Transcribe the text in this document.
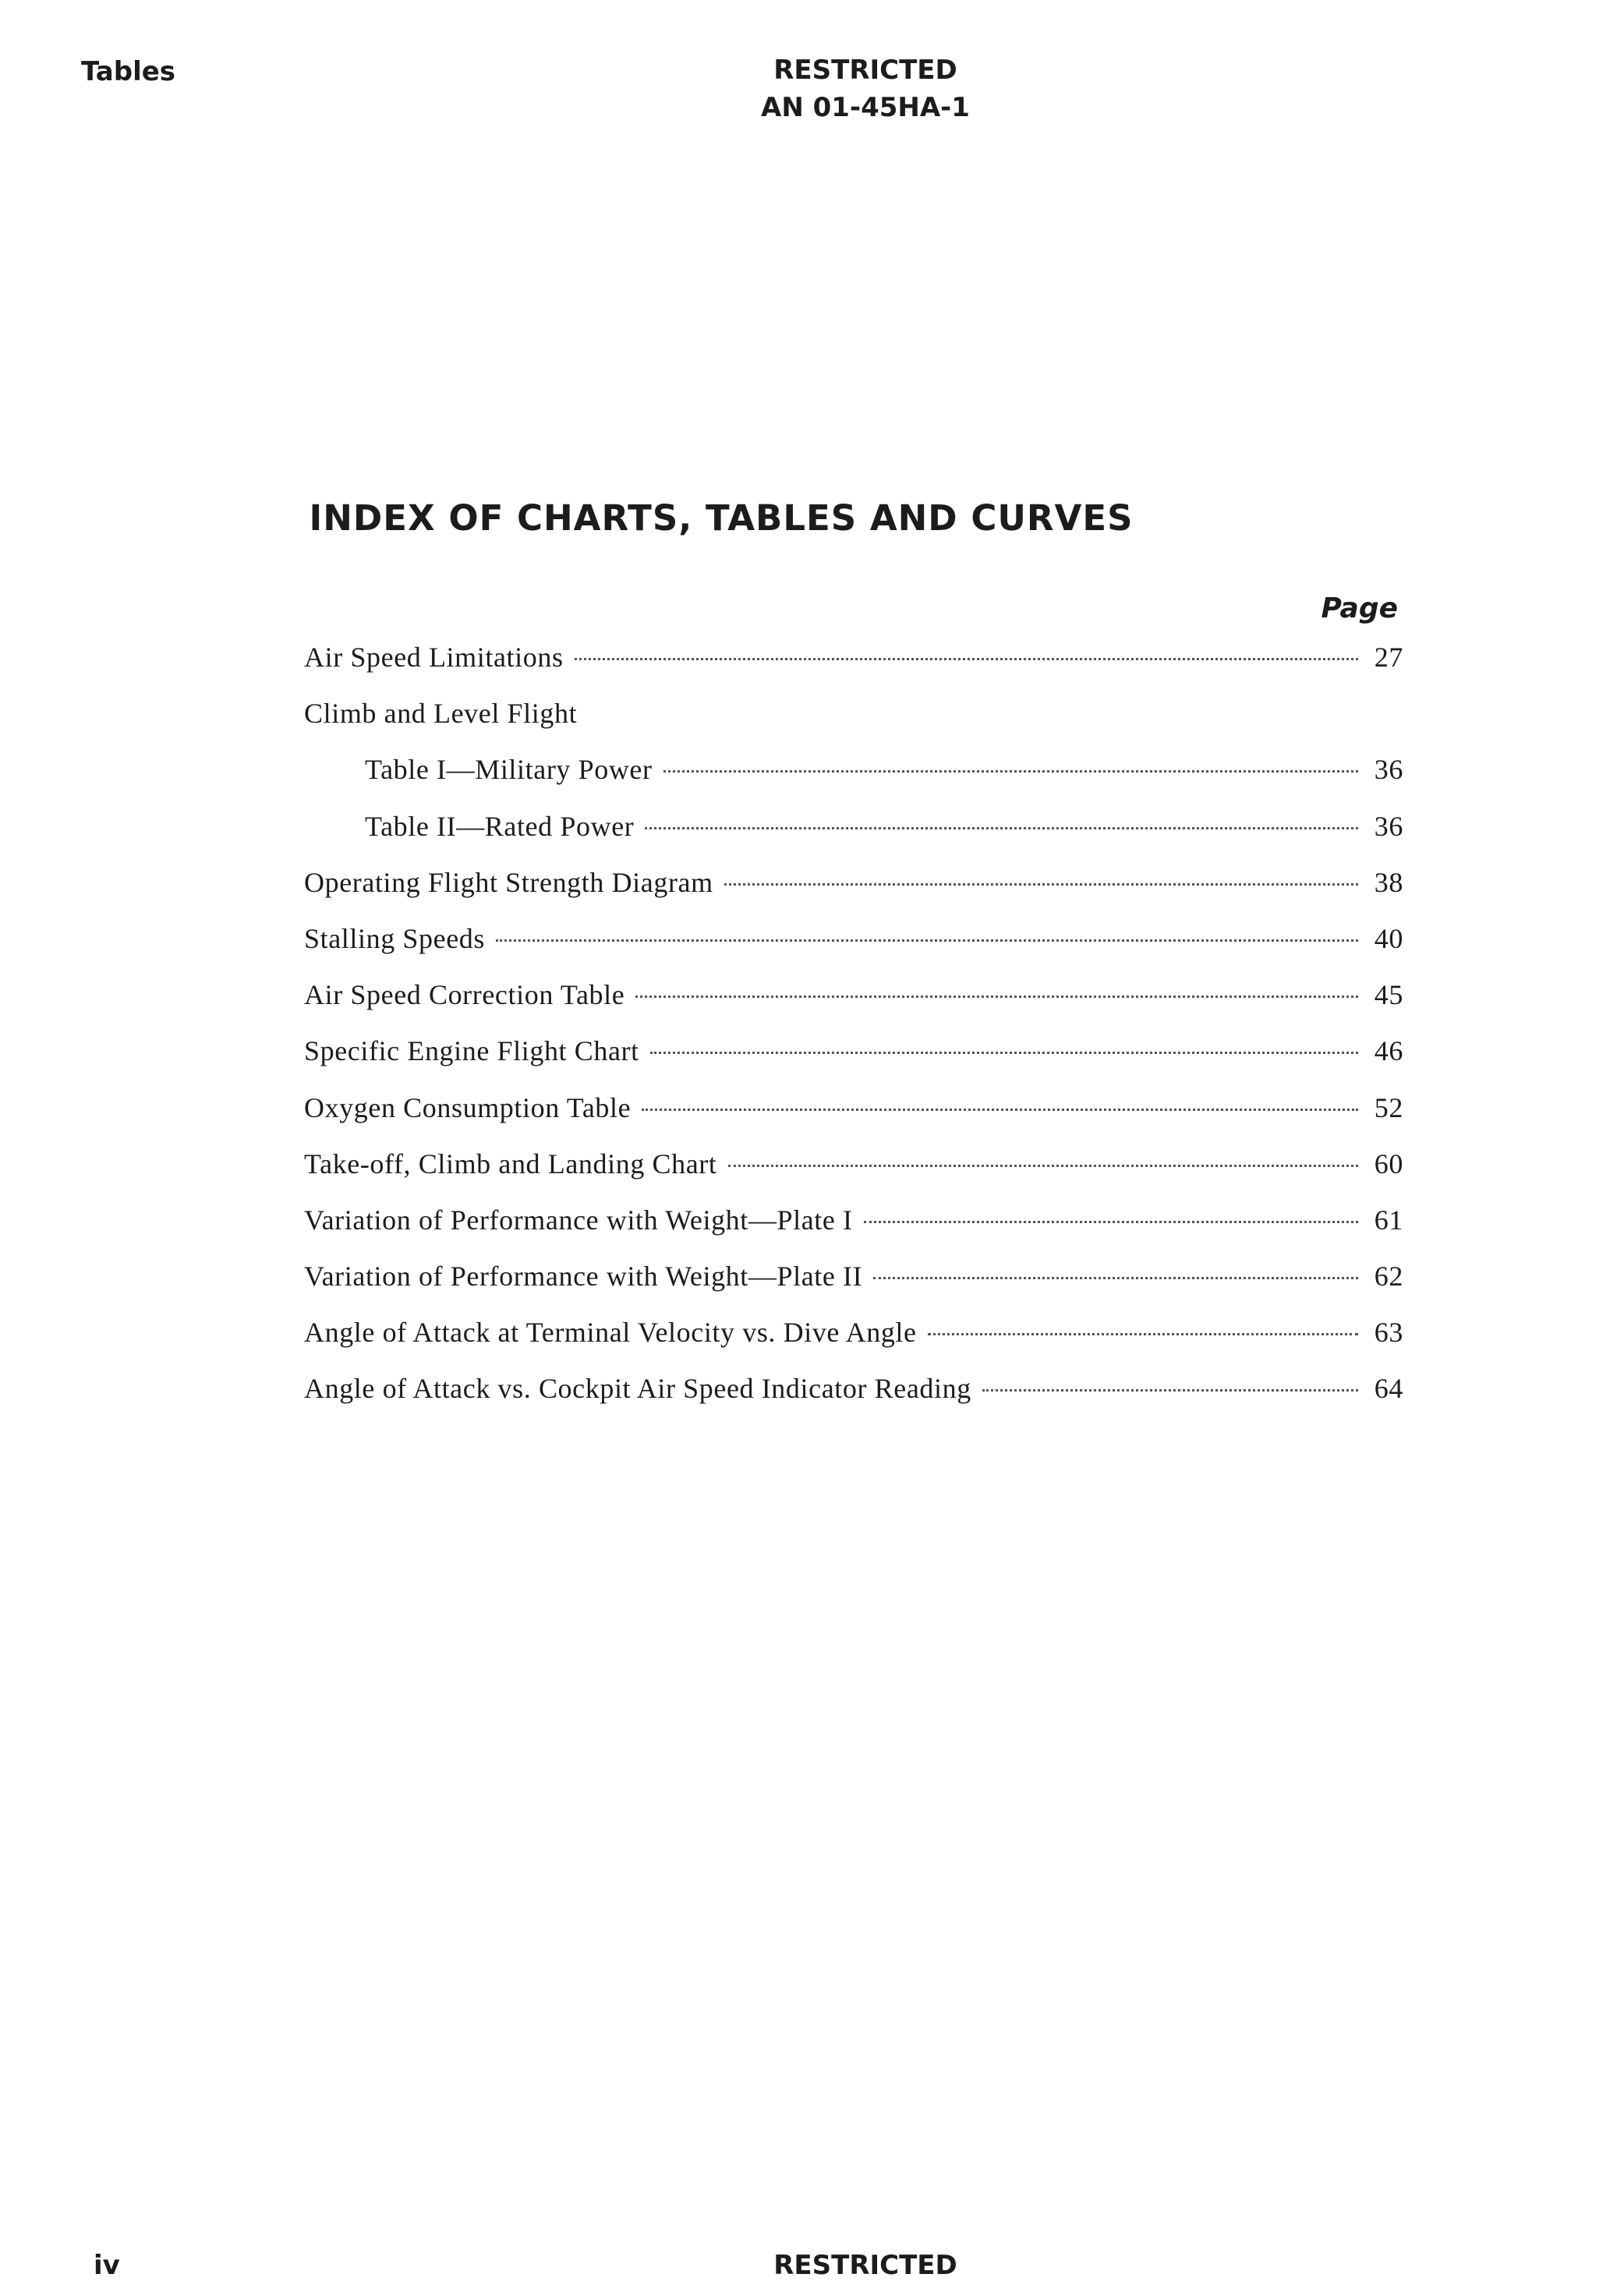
Tables	RESTRICTED
AN 01-45HA-1
INDEX OF CHARTS, TABLES AND CURVES
Page
Air Speed Limitations	27
Climb and Level Flight
Table I—Military Power	36
Table II—Rated Power	36
Operating Flight Strength Diagram	38
Stalling Speeds	40
Air Speed Correction Table	45
Specific Engine Flight Chart	46
Oxygen Consumption Table	52
Take-off, Climb and Landing Chart	60
Variation of Performance with Weight—Plate I	61
Variation of Performance with Weight—Plate II	62
Angle of Attack at Terminal Velocity vs. Dive Angle	63
Angle of Attack vs. Cockpit Air Speed Indicator Reading	64
iv	RESTRICTED
